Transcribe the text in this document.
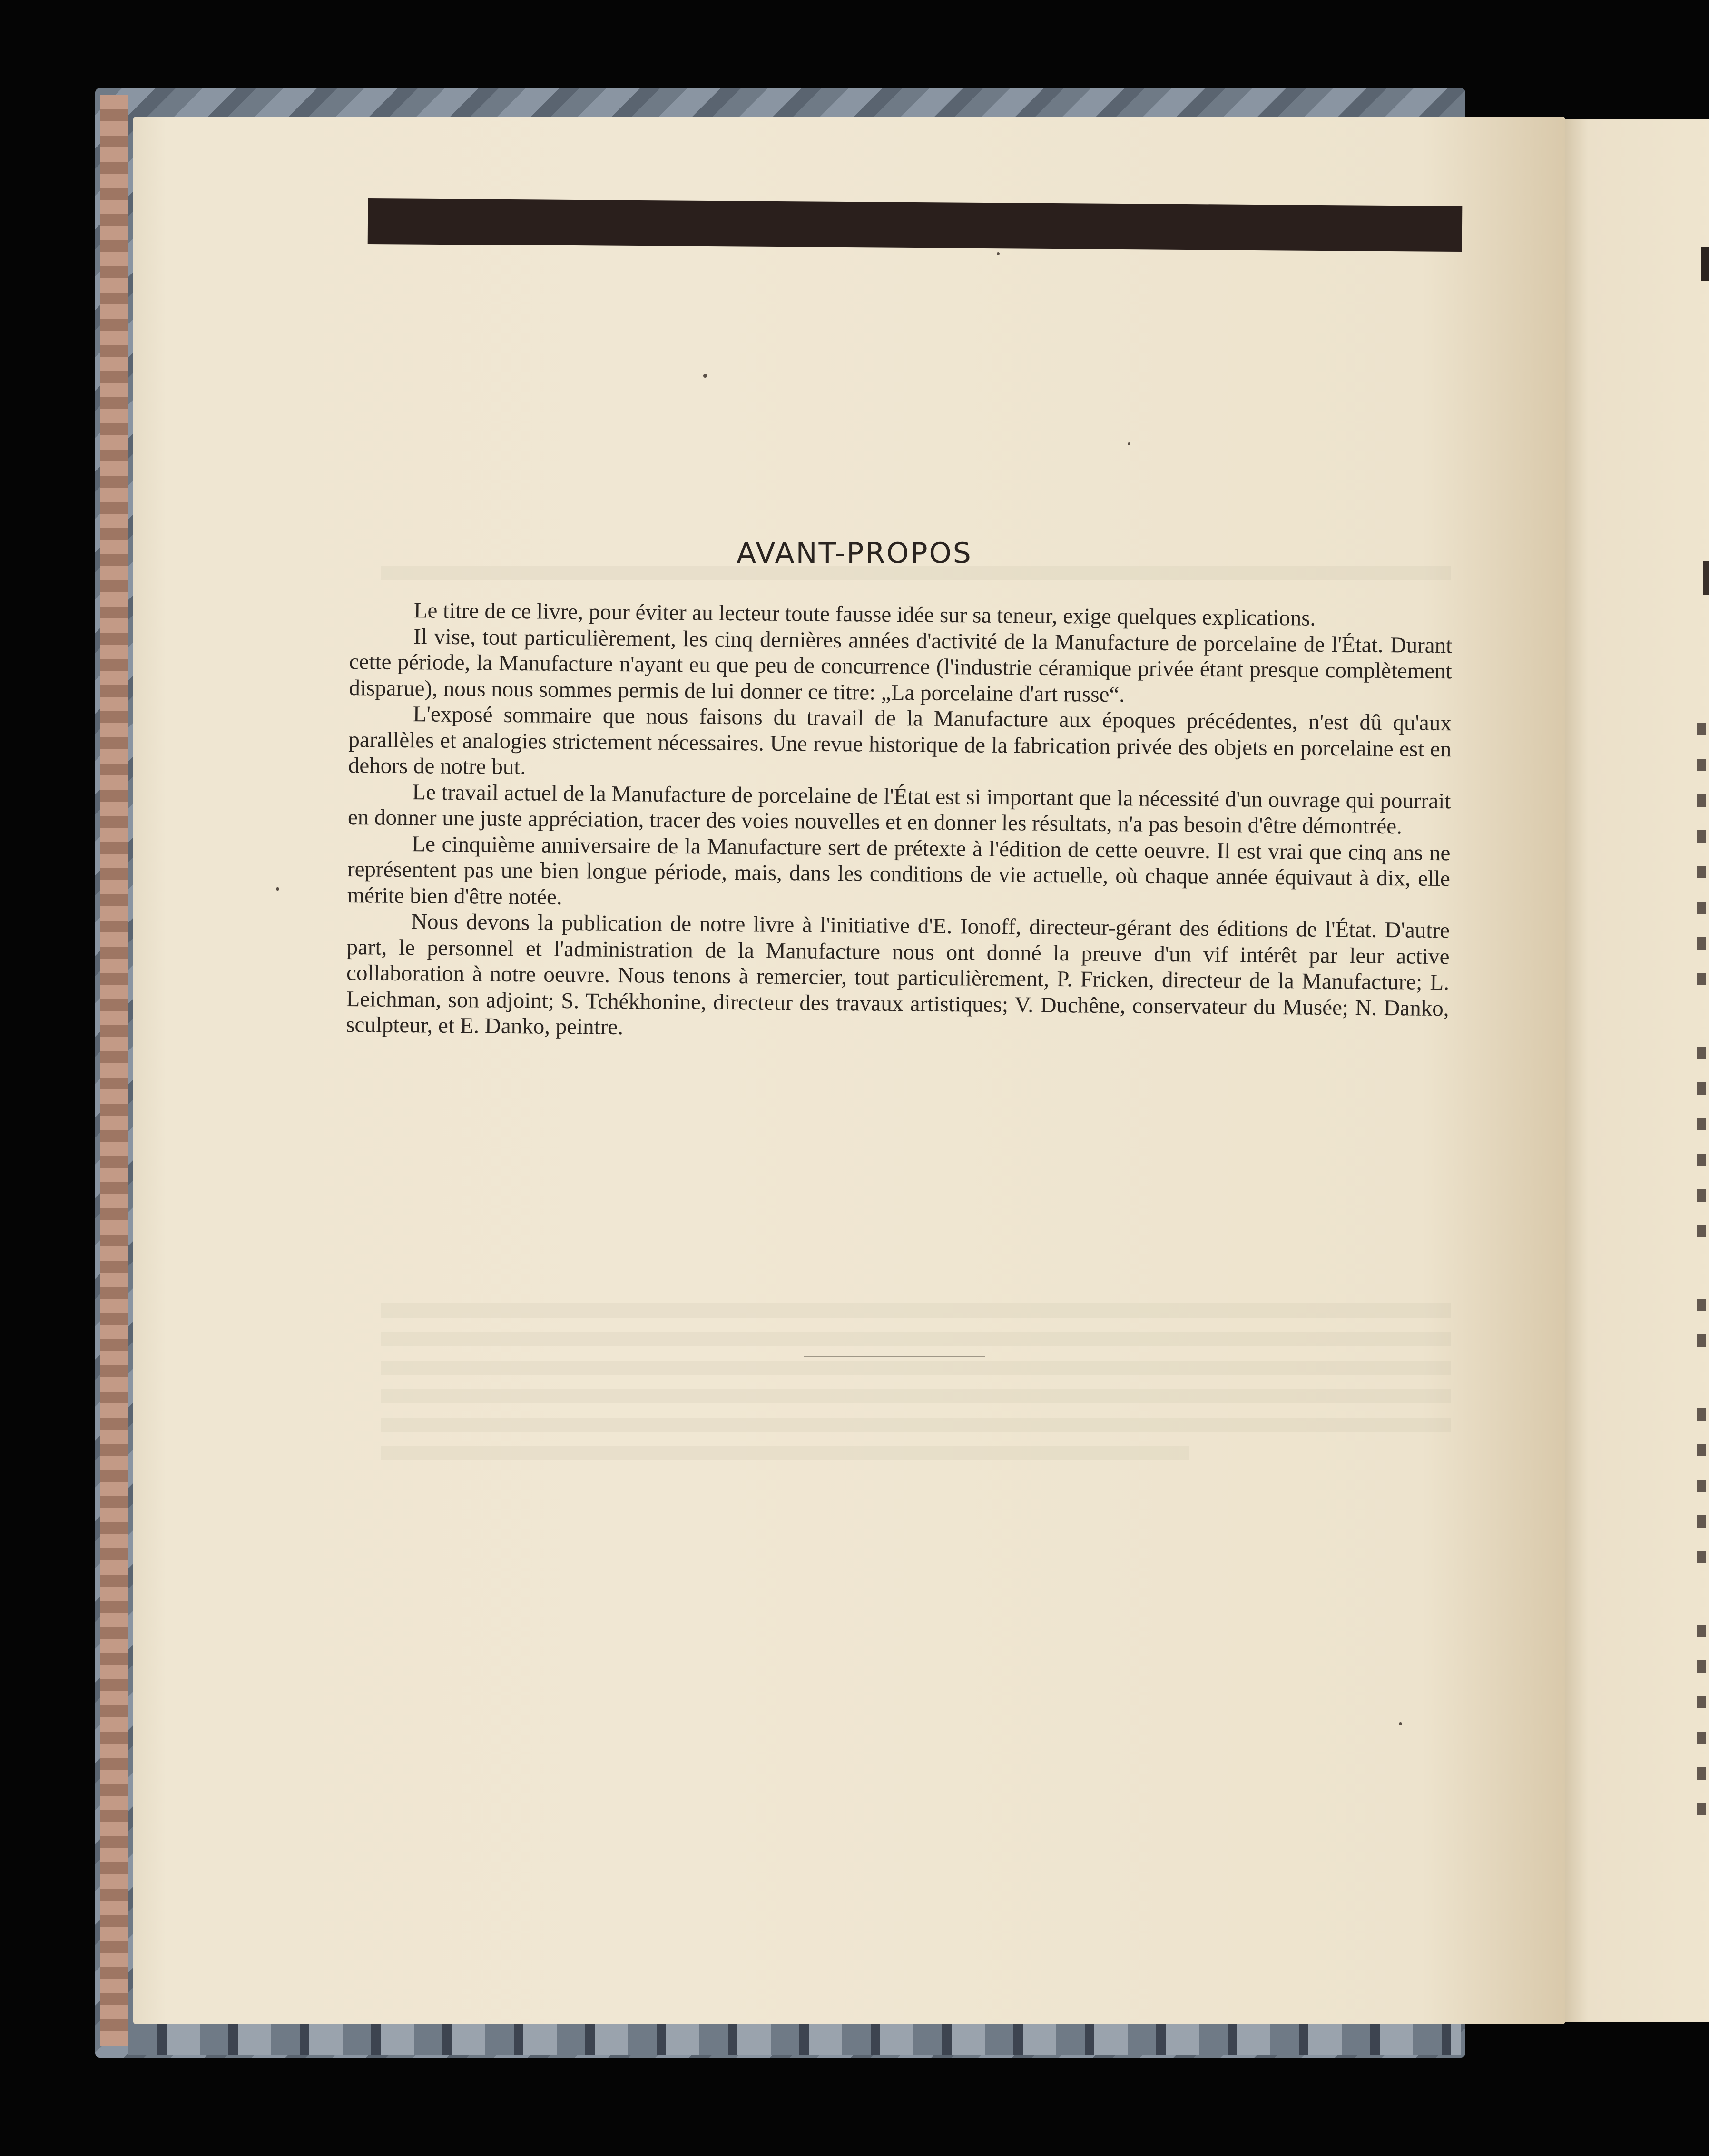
AVANT-PROPOS

Le titre de ce livre, pour éviter au lecteur toute fausse idée sur sa teneur, exige quelques explications.

Il vise, tout particulièrement, les cinq dernières années d'activité de la Manufacture de porcelaine de l'État. Durant cette période, la Manufacture n'ayant eu que peu de concurrence (l'industrie céramique privée étant presque complètement disparue), nous nous sommes permis de lui donner ce titre: „La porcelaine d'art russe“.

L'exposé sommaire que nous faisons du travail de la Manufacture aux époques précédentes, n'est dû qu'aux parallèles et analogies strictement nécessaires. Une revue historique de la fabrication privée des objets en porcelaine est en dehors de notre but.

Le travail actuel de la Manufacture de porcelaine de l'État est si important que la nécessité d'un ouvrage qui pourrait en donner une juste appréciation, tracer des voies nouvelles et en donner les résultats, n'a pas besoin d'être démontrée.

Le cinquième anniversaire de la Manufacture sert de prétexte à l'édition de cette oeuvre. Il est vrai que cinq ans ne représentent pas une bien longue période, mais, dans les conditions de vie actuelle, où chaque année équivaut à dix, elle mérite bien d'être notée.

Nous devons la publication de notre livre à l'initiative d'E. Ionoff, directeur-gérant des éditions de l'État. D'autre part, le personnel et l'administration de la Manufacture nous ont donné la preuve d'un vif intérêt par leur active collaboration à notre oeuvre. Nous tenons à remercier, tout particulièrement, P. Fricken, directeur de la Manufacture; L. Leichman, son adjoint; S. Tchékhonine, directeur des travaux artistiques; V. Duchêne, conservateur du Musée; N. Danko, sculpteur, et E. Danko, peintre.
